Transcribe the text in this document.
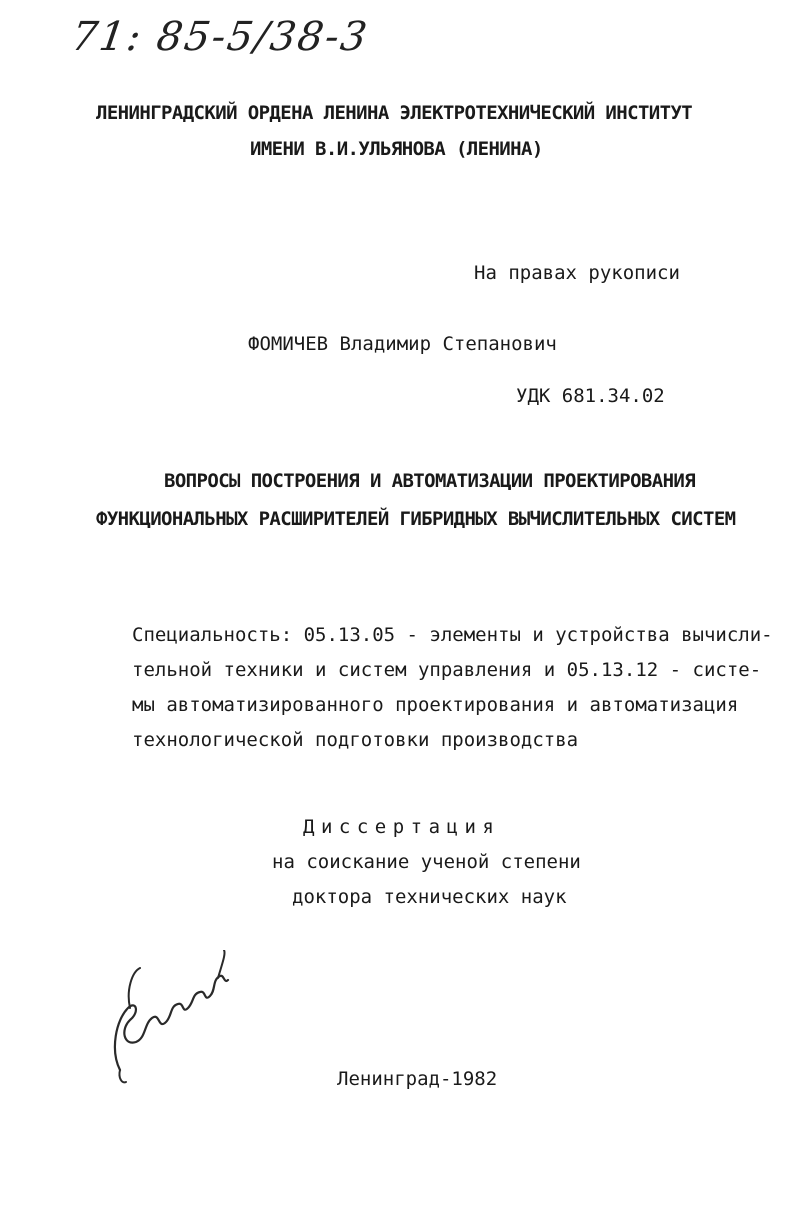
71: 85-5/38-3
ЛЕНИНГРАДСКИЙ ОРДЕНА ЛЕНИНА ЭЛЕКТРОТЕХНИЧЕСКИЙ ИНСТИТУТ
ИМЕНИ В.И.УЛЬЯНОВА (ЛЕНИНА)
На правах рукописи
ФОМИЧЕВ Владимир Степанович
УДК 681.34.02
ВОПРОСЫ ПОСТРОЕНИЯ И АВТОМАТИЗАЦИИ ПРОЕКТИРОВАНИЯ
ФУНКЦИОНАЛЬНЫХ РАСШИРИТЕЛЕЙ ГИБРИДНЫХ ВЫЧИСЛИТЕЛЬНЫХ СИСТЕМ
Специальность: 05.13.05 - элементы и устройства вычисли-
тельной техники и систем управления и 05.13.12 - систе-
мы автоматизированного проектирования и автоматизация
технологической подготовки производства
Диссертация
на соискание ученой степени
доктора технических наук
Ленинград-1982
